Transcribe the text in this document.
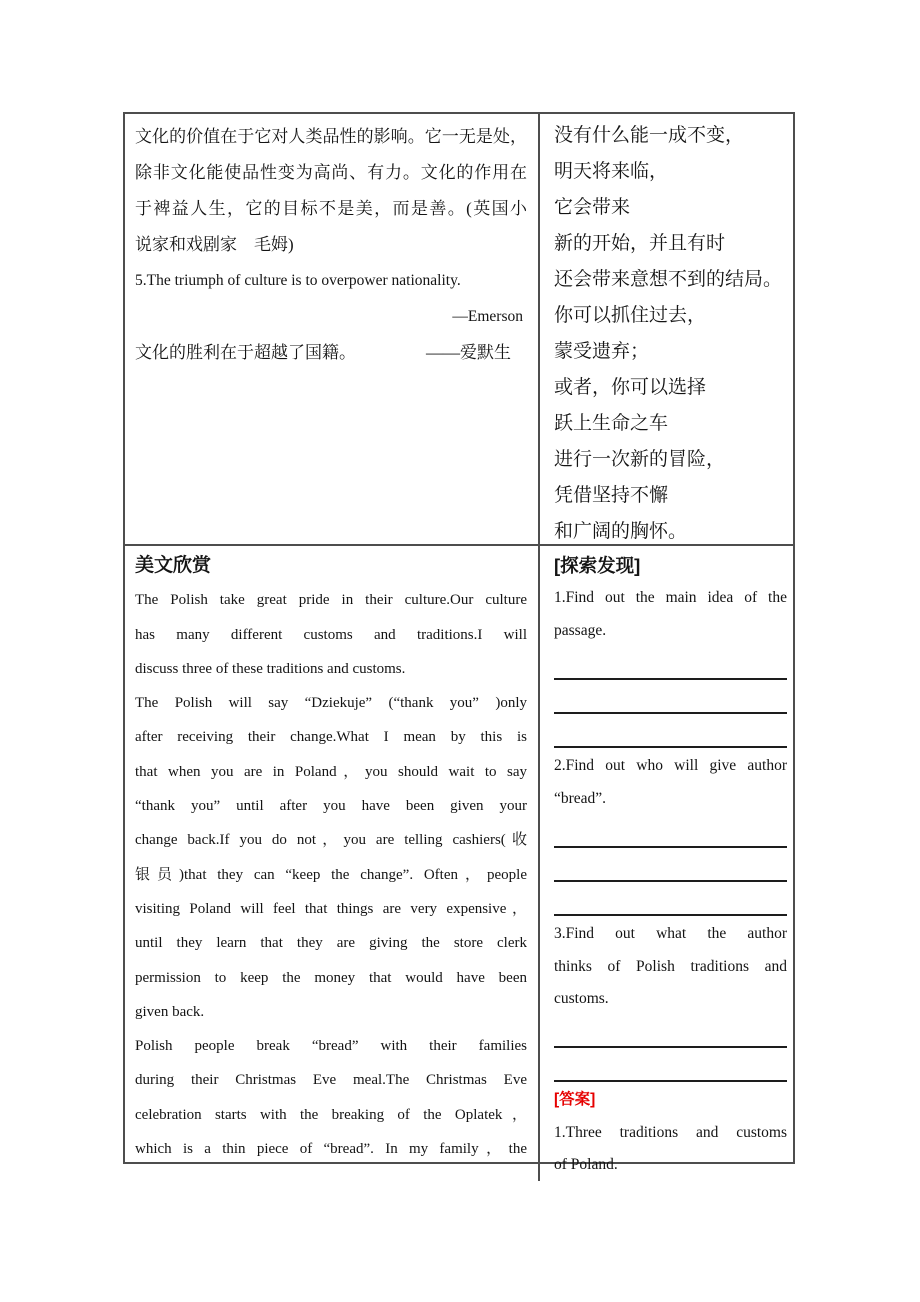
文化的价值在于它对人类品性的影响。它一无是处，
除非文化能使品性变为高尚、有力。文化的作用在
于裨益人生，它的目标不是美，而是善。(英国小
说家和戏剧家　毛姆)
5.The triumph of culture is to overpower nationality.
—Emerson
文化的胜利在于超越了国籍。	——爱默生
没有什么能一成不变，
明天将来临，
它会带来
新的开始，并且有时
还会带来意想不到的结局。
你可以抓住过去，
蒙受遗弃；
或者，你可以选择
跃上生命之车
进行一次新的冒险，
凭借坚持不懈
和广阔的胸怀。
美文欣赏
The Polish take great pride in their culture.Our culture
has many different customs and traditions.I will
discuss three of these traditions and customs.
The Polish will say “Dziekuje” (“thank you” )only
after receiving their change.What I mean by this is
that when you are in Poland，you should wait to say
“thank you” until after you have been given your
change back.If you do not，you are telling cashiers(收
银员)that they can “keep the change”. Often，people
visiting Poland will feel that things are very expensive，
until they learn that they are giving the store clerk
permission to keep the money that would have been
given back.
Polish people break “bread” with their families
during their Christmas Eve meal.The Christmas Eve
celebration starts with the breaking of the Oplatek，
which is a thin piece of “bread”. In my family，the
[探索发现]
1.Find out the main idea of the
passage.
2.Find out who will give author
“bread”.
3.Find out what the author
thinks of Polish traditions and
customs.
[答案]
1.Three traditions and customs
of Poland.
